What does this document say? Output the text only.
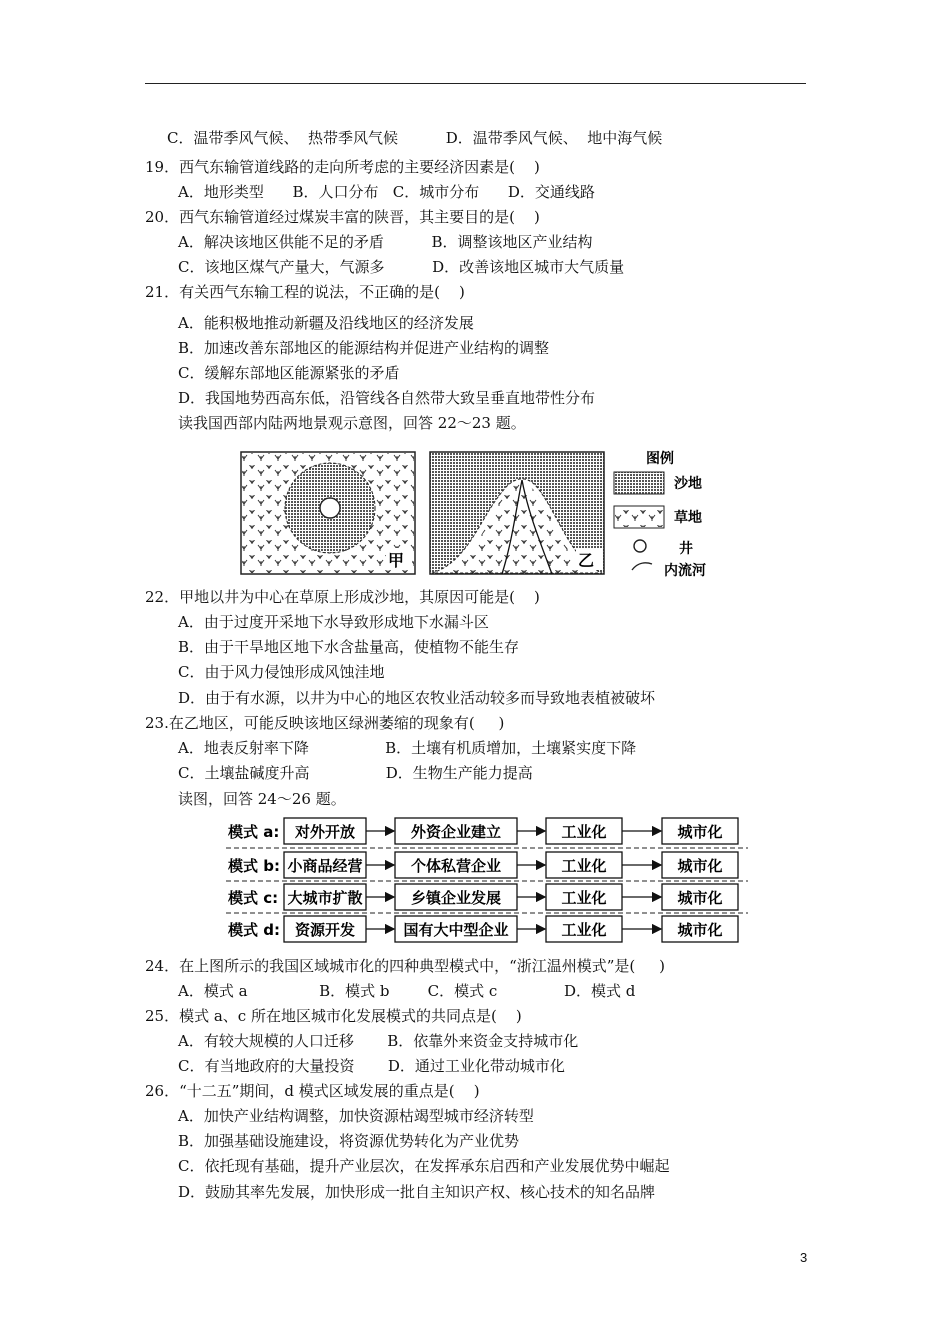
C．温带季风气候、  热带季风气候          D．温带季风气候、  地中海气候
19．西气东输管道线路的走向所考虑的主要经济因素是(    )
A．地形类型      B．人口分布   C．城市分布      D．交通线路
20．西气东输管道经过煤炭丰富的陕晋，其主要目的是(    )
A．解决该地区供能不足的矛盾          B．调整该地区产业结构
C．该地区煤气产量大，气源多          D．改善该地区城市大气质量
21．有关西气东输工程的说法，不正确的是(    )
A．能积极地推动新疆及沿线地区的经济发展
B．加速改善东部地区的能源结构并促进产业结构的调整
C．缓解东部地区能源紧张的矛盾
D．我国地势西高东低，沿管线各自然带大致呈垂直地带性分布
读我国西部内陆两地景观示意图，回答 22～23 题。
22．甲地以井为中心在草原上形成沙地，其原因可能是(    )
A．由于过度开采地下水导致形成地下水漏斗区
B．由于干旱地区地下水含盐量高，使植物不能生存
C．由于风力侵蚀形成风蚀洼地
D．由于有水源，以井为中心的地区农牧业活动较多而导致地表植被破坏
23.在乙地区，可能反映该地区绿洲萎缩的现象有(     )
A．地表反射率下降                B．土壤有机质增加，土壤紧实度下降
C．土壤盐碱度升高                D．生物生产能力提高
读图，回答 24～26 题。
24．在上图所示的我国区域城市化的四种典型模式中，“浙江温州模式”是(     )
A．模式 a               B．模式 b        C．模式 c              D．模式 d
25．模式 a、c 所在地区城市化发展模式的共同点是(    )
A．有较大规模的人口迁移       B．依靠外来资金支持城市化
C．有当地政府的大量投资       D．通过工业化带动城市化
26．“十二五”期间，d 模式区域发展的重点是(    )
A．加快产业结构调整，加快资源枯竭型城市经济转型
B．加强基础设施建设，将资源优势转化为产业优势
C．依托现有基础，提升产业层次，在发挥承东启西和产业发展优势中崛起
D．鼓励其率先发展，加快形成一批自主知识产权、核心技术的知名品牌
甲	乙
图例
沙地
草地
井
内流河
模式 a: 对外开放	外资企业建立	工业化	城市化
模式 b: 小商品经营	个体私营企业	工业化	城市化
模式 c: 大城市扩散	乡镇企业发展	工业化	城市化
模式 d: 资源开发	国有大中型企业	工业化	城市化
3
